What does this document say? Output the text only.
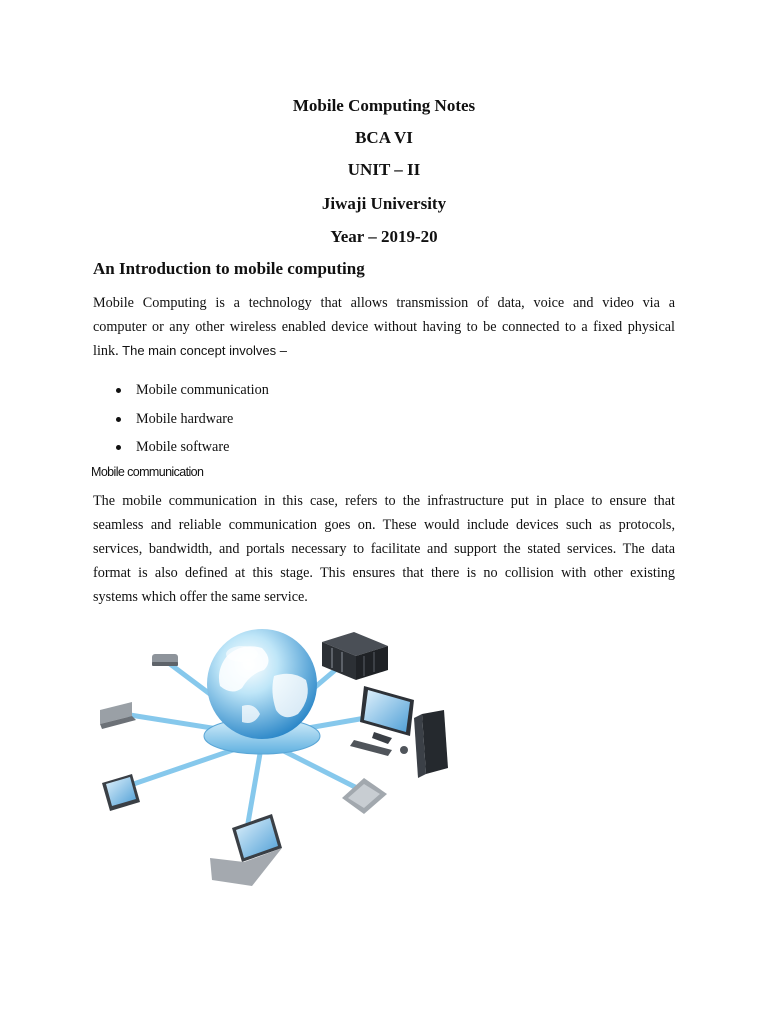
Mobile Computing Notes
BCA VI
UNIT – II
Jiwaji University
Year – 2019-20
An Introduction to mobile computing
Mobile Computing is a technology that allows transmission of data, voice and video via a
computer or any other wireless enabled device without having to be connected to a fixed physical
link. The main concept involves –
Mobile communication
Mobile hardware
Mobile software
Mobile communication
The mobile communication in this case, refers to the infrastructure put in place to ensure that
seamless and reliable communication goes on. These would include devices such as protocols,
services, bandwidth, and portals necessary to facilitate and support the stated services. The data
format is also defined at this stage. This ensures that there is no collision with other existing
systems which offer the same service.
